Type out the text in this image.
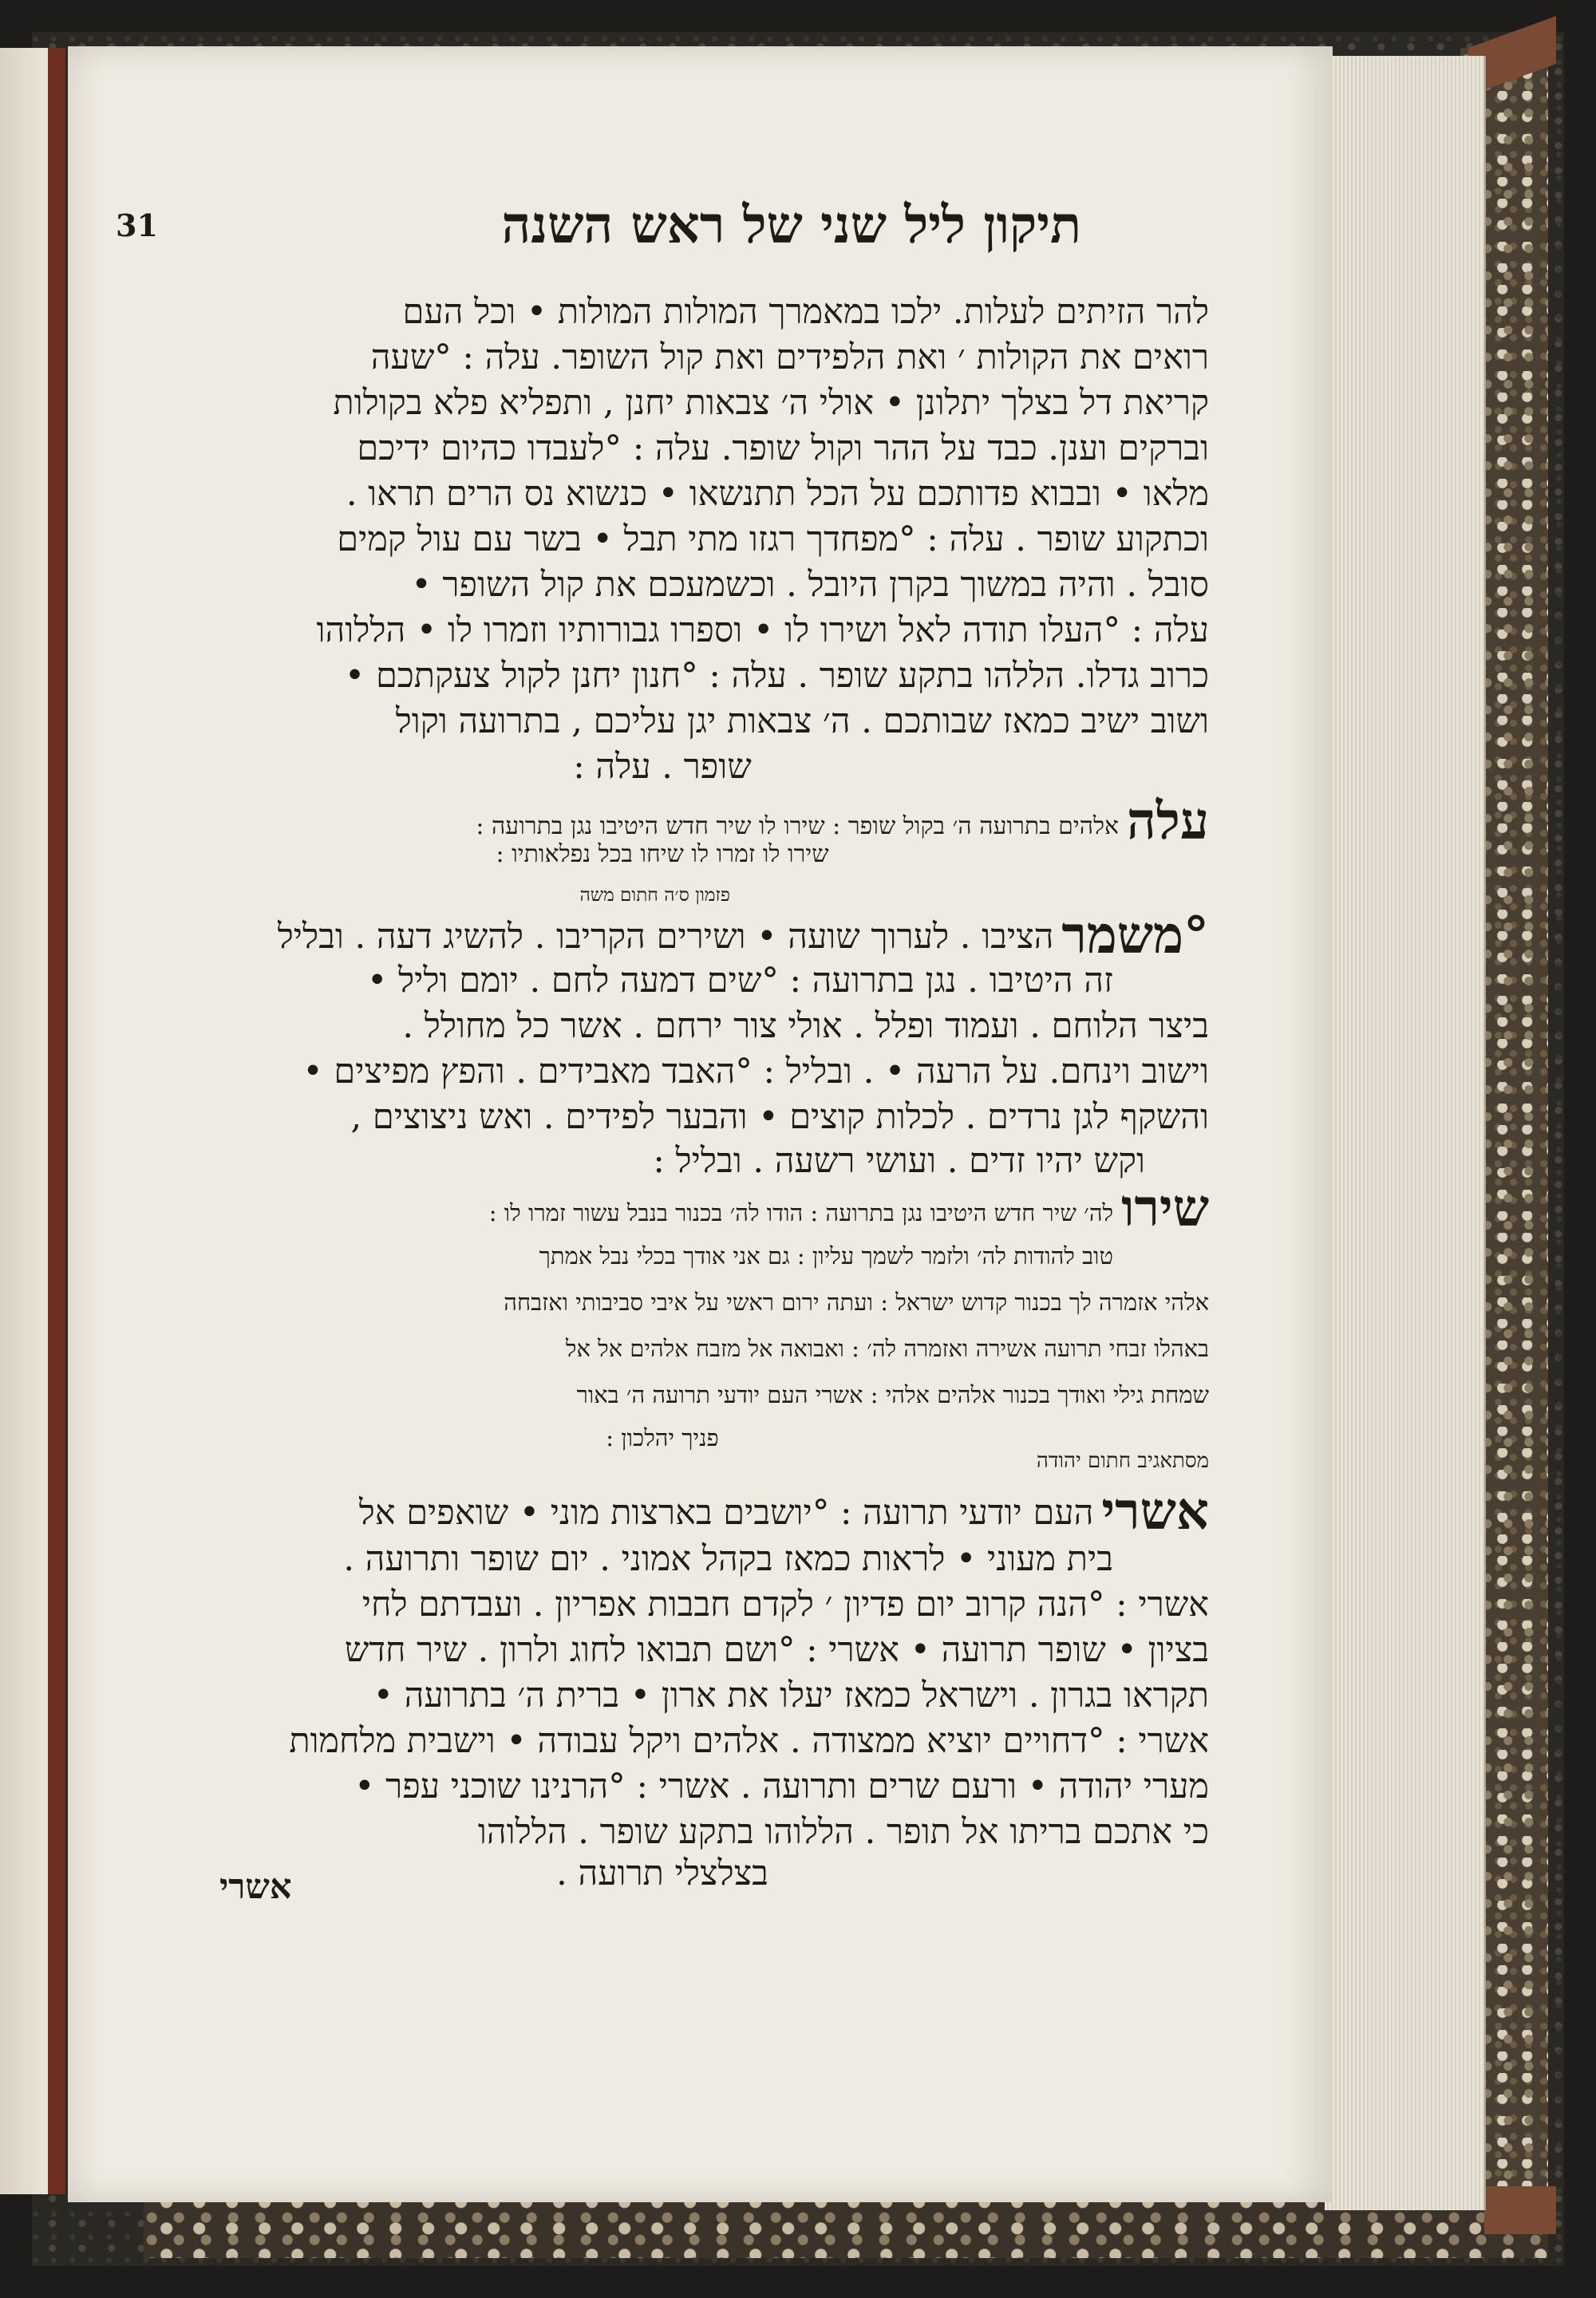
תיקון ליל שני של ראש השנה
31
להר הזיתים לעלות. ילכו במאמרך המולות המולות • וכל העם
רואים את הקולות ׳ ואת הלפידים ואת קול השופר. עלה : °שעה
קריאת דל בצלך יתלונן • אולי ה׳ צבאות יחנן , ותפליא פלא בקולות
וברקים וענן. כבד על ההר וקול שופר. עלה : °לעבדו כהיום ידיכם
מלאו • ובבוא פדותכם על הכל תתנשאו • כנשוא נס הרים תראו .
וכתקוע שופר . עלה : °מפחדך רגזו מתי תבל • בשר עם עול קמים
סובל . והיה במשוך בקרן היובל . וכשמעכם את קול השופר •
עלה : °העלו תודה לאל ושירו לו • וספרו גבורותיו וזמרו לו • הללוהו
כרוב גדלו. הללהו בתקע שופר . עלה : °חנון יחנן לקול צעקתכם •
ושוב ישיב כמאז שבותכם . ה׳ צבאות יגן עליכם , בתרועה וקול
שופר . עלה :
עלהאלהים בתרועה ה׳ בקול שופר : שירו לו שיר חדש היטיבו נגן בתרועה :
שירו לו זמרו לו שיחו בכל נפלאותיו :
פזמון ס׳ה חתום משה
°משמרהציבו . לערוך שועה • ושירים הקריבו . להשיג דעה . ובליל
זה היטיבו . נגן בתרועה : °שים דמעה לחם . יומם וליל •
ביצר הלוחם . ועמוד ופלל . אולי צור ירחם . אשר כל מחולל .
וישוב וינחם. על הרעה • . ובליל : °האבד מאבידים . והפץ מפיצים •
והשקף לגן נרדים . לכלות קוצים • והבער לפידים . ואש ניצוצים ,
וקש יהיו זדים . ועושי רשעה . ובליל :
שירולה׳ שיר חדש היטיבו נגן בתרועה : הודו לה׳ בכנור בנבל עשור זמרו לו :
טוב להודות לה׳ ולזמר לשמך עליון : גם אני אודך בכלי נבל אמתך
אלהי אזמרה לך בכנור קדוש ישראל : ועתה ירום ראשי על איבי סביבותי ואזבחה
באהלו זבחי תרועה אשירה ואזמרה לה׳ : ואבואה אל מזבח אלהים אל אל
שמחת גילי ואודך בכנור אלהים אלהי : אשרי העם יודעי תרועה ה׳ באור
פניך יהלכון :
מסתאגיב חתום יהודה
אשריהעם יודעי תרועה : °יושבים בארצות מוני • שואפים אל
בית מעוני • לראות כמאז בקהל אמוני . יום שופר ותרועה .
אשרי : °הנה קרוב יום פדיון ׳ לקדם חבבות אפריון . ועבדתם לחי
בציון • שופר תרועה • אשרי : °ושם תבואו לחוג ולרון . שיר חדש
תקראו בגרון . וישראל כמאז יעלו את ארון • ברית ה׳ בתרועה •
אשרי : °דחויים יוציא ממצודה . אלהים ויקל עבודה • וישבית מלחמות
מערי יהודה • ורעם שרים ותרועה . אשרי : °הרנינו שוכני עפר •
כי אתכם בריתו אל תופר . הללוהו בתקע שופר . הללוהו
בצלצלי תרועה .
אשרי
